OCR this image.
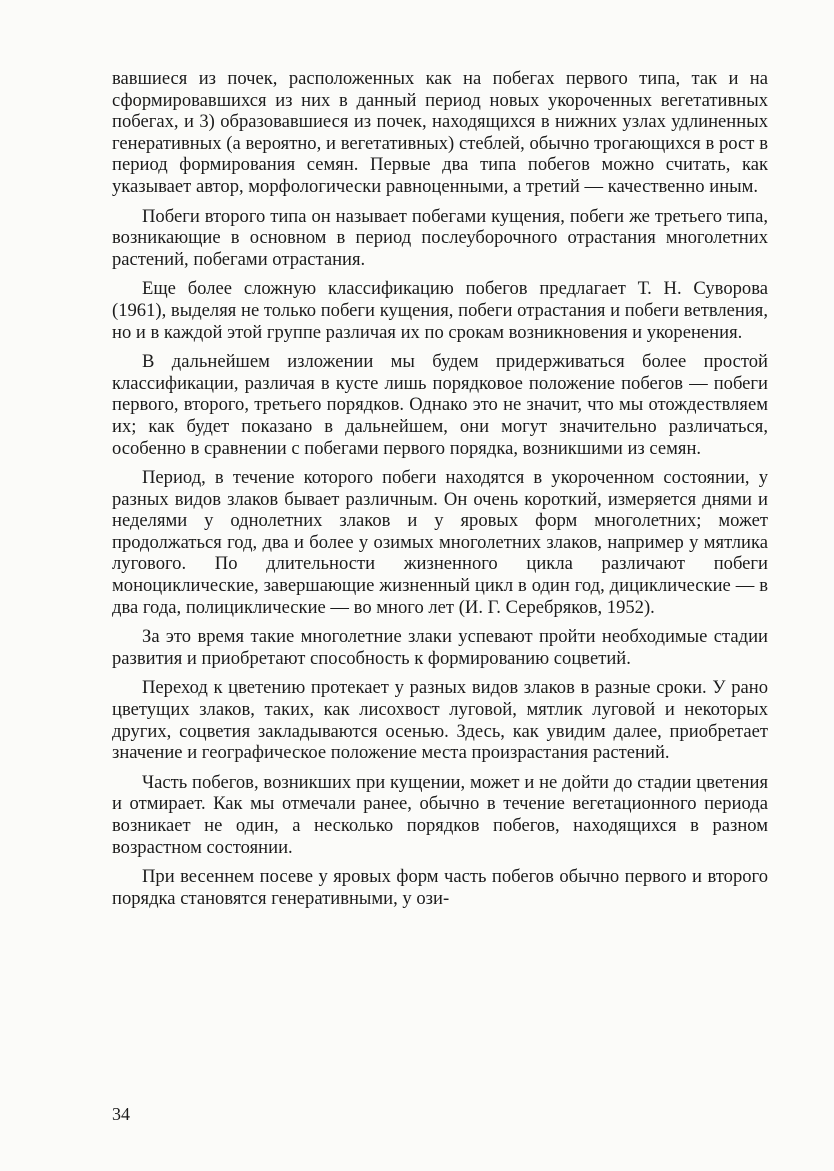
вавшиеся из почек, расположенных как на побегах первого типа, так и на сформировавшихся из них в данный период новых укороченных вегетативных побегах, и 3) образовавшиеся из почек, находящихся в нижних узлах удлиненных генеративных (а вероятно, и вегетативных) стеблей, обычно трогающихся в рост в период формирования семян. Первые два типа побегов можно считать, как указывает автор, морфологически равноценными, а третий — качественно иным.

Побеги второго типа он называет побегами кущения, побеги же третьего типа, возникающие в основном в период послеуборочного отрастания многолетних растений, побегами отрастания.

Еще более сложную классификацию побегов предлагает Т. Н. Суворова (1961), выделяя не только побеги кущения, побеги отрастания и побеги ветвления, но и в каждой этой группе различая их по срокам возникновения и укоренения.

В дальнейшем изложении мы будем придерживаться более простой классификации, различая в кусте лишь порядковое положение побегов — побеги первого, второго, третьего порядков. Однако это не значит, что мы отождествляем их; как будет показано в дальнейшем, они могут значительно различаться, особенно в сравнении с побегами первого порядка, возникшими из семян.

Период, в течение которого побеги находятся в укороченном состоянии, у разных видов злаков бывает различным. Он очень короткий, измеряется днями и неделями у однолетних злаков и у яровых форм многолетних; может продолжаться год, два и более у озимых многолетних злаков, например у мятлика лугового. По длительности жизненного цикла различают побеги моноциклические, завершающие жизненный цикл в один год, дициклические — в два года, полициклические — во много лет (И. Г. Серебряков, 1952).

За это время такие многолетние злаки успевают пройти необходимые стадии развития и приобретают способность к формированию соцветий.

Переход к цветению протекает у разных видов злаков в разные сроки. У рано цветущих злаков, таких, как лисохвост луговой, мятлик луговой и некоторых других, соцветия закладываются осенью. Здесь, как увидим далее, приобретает значение и географическое положение места произрастания растений.

Часть побегов, возникших при кущении, может и не дойти до стадии цветения и отмирает. Как мы отмечали ранее, обычно в течение вегетационного периода возникает не один, а несколько порядков побегов, находящихся в разном возрастном состоянии.

При весеннем посеве у яровых форм часть побегов обычно первого и второго порядка становятся генеративными, у ози-

34
